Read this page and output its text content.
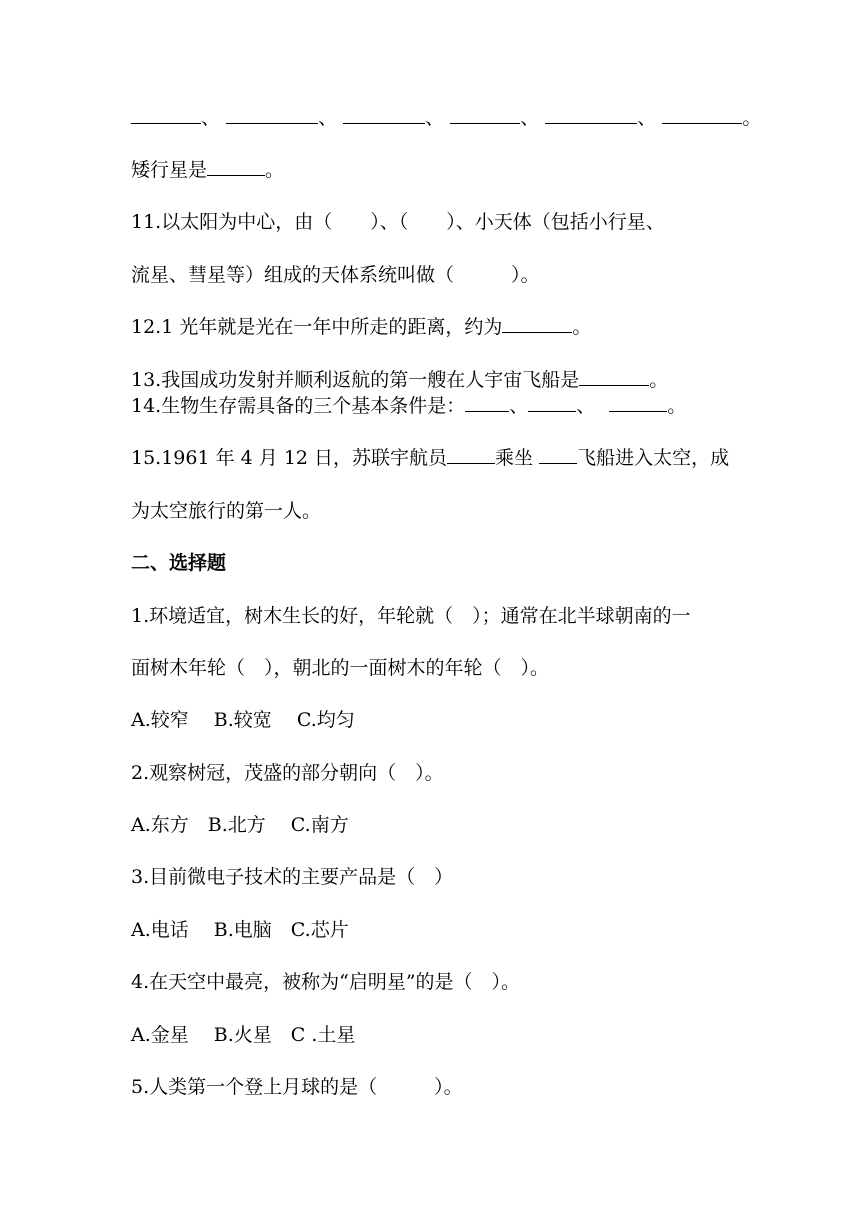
、	、	、	、	、	。
矮行星是	。
11.以太阳为中心，由（　　）、（　　）、小天体（包括小行星、
流星、彗星等）组成的天体系统叫做（　　　）。
12.1 光年就是光在一年中所走的距离，约为	。
13.我国成功发射并顺利返航的第一艘在人宇宙飞船是	。
14.生物生存需具备的三个基本条件是： 、	、	。
15.1961 年 4 月 12 日，苏联宇航员	乘坐 飞船进入太空，成
为太空旅行的第一人。
二、选择题
1.环境适宜，树木生长的好，年轮就（　）；通常在北半球朝南的一
面树木年轮（　），朝北的一面树木的年轮（　）。
A.较窄　 B.较宽　 C.均匀
2.观察树冠，茂盛的部分朝向（　）。
A.东方　B.北方　 C.南方
3.目前微电子技术的主要产品是（　）
A.电话　 B.电脑　C.芯片
4.在天空中最亮，被称为“启明星”的是（　）。
A.金星　 B.火星　C .土星
5.人类第一个登上月球的是（　　　）。
